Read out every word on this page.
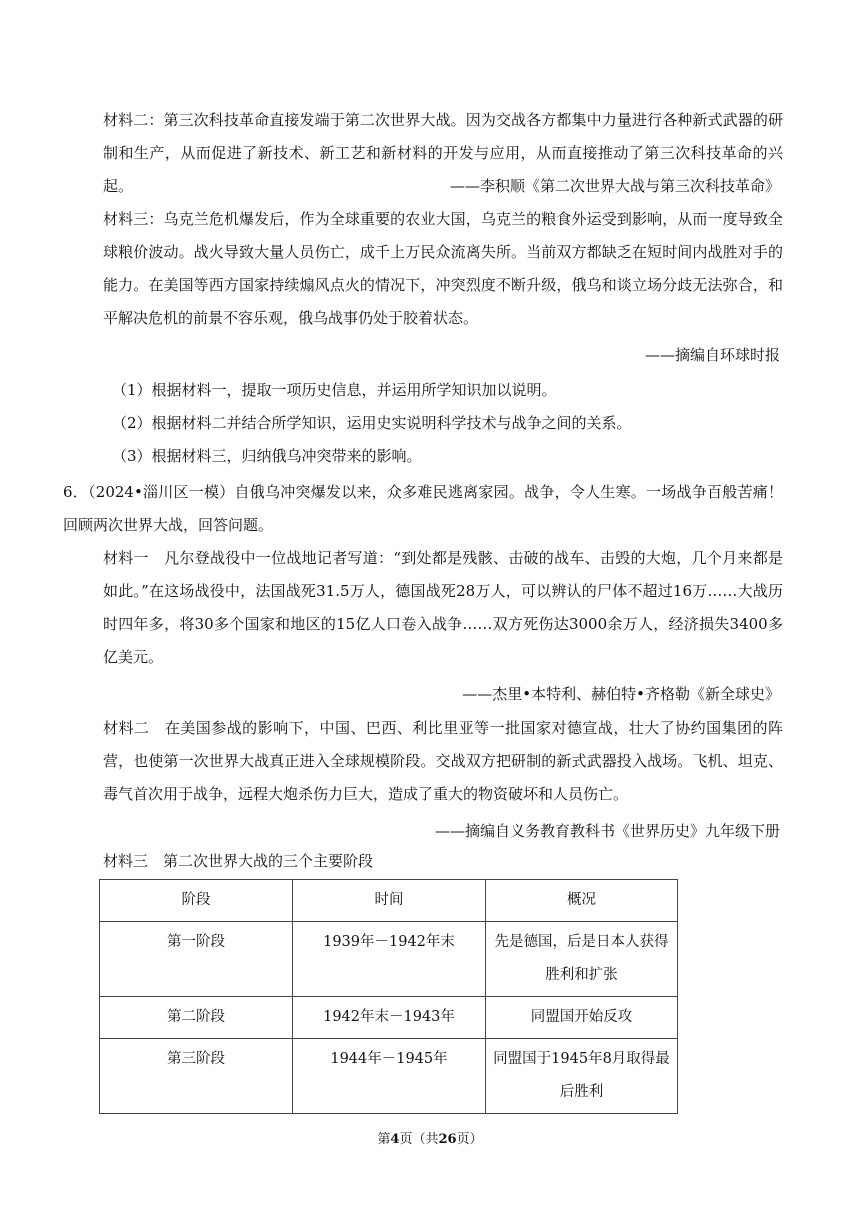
材料二：第三次科技革命直接发端于第二次世界大战。因为交战各方都集中力量进行各种新式武器的研制和生产，从而促进了新技术、新工艺和新材料的开发与应用，从而直接推动了第三次科技革命的兴起。	——李积顺《第二次世界大战与第三次科技革命》
材料三：乌克兰危机爆发后，作为全球重要的农业大国，乌克兰的粮食外运受到影响，从而一度导致全球粮价波动。战火导致大量人员伤亡，成千上万民众流离失所。当前双方都缺乏在短时间内战胜对手的能力。在美国等西方国家持续煽风点火的情况下，冲突烈度不断升级，俄乌和谈立场分歧无法弥合，和平解决危机的前景不容乐观，俄乌战事仍处于胶着状态。
——摘编自环球时报
（1）根据材料一，提取一项历史信息，并运用所学知识加以说明。
（2）根据材料二并结合所学知识，运用史实说明科学技术与战争之间的关系。
（3）根据材料三，归纳俄乌冲突带来的影响。
6．（2024•淄川区一模）自俄乌冲突爆发以来，众多难民逃离家园。战争，令人生寒。一场战争百般苦痛！回顾两次世界大战，回答问题。
材料一　凡尔登战役中一位战地记者写道：“到处都是残骸、击破的战车、击毁的大炮，几个月来都是如此。”在这场战役中，法国战死31.5万人，德国战死28万人，可以辨认的尸体不超过16万……大战历时四年多，将30多个国家和地区的15亿人口卷入战争……双方死伤达3000余万人，经济损失3400多亿美元。
——杰里•本特利、赫伯特•齐格勒《新全球史》
材料二　在美国参战的影响下，中国、巴西、利比里亚等一批国家对德宣战，壮大了协约国集团的阵营，也使第一次世界大战真正进入全球规模阶段。交战双方把研制的新式武器投入战场。飞机、坦克、毒气首次用于战争，远程大炮杀伤力巨大，造成了重大的物资破坏和人员伤亡。
——摘编自义务教育教科书《世界历史》九年级下册
材料三　第二次世界大战的三个主要阶段
阶段	时间	概况
第一阶段	1939年－1942年末	先是德国，后是日本人获得胜利和扩张
第二阶段	1942年末－1943年	同盟国开始反攻
第三阶段	1944年－1945年	同盟国于1945年8月取得最后胜利
第4页（共26页）
